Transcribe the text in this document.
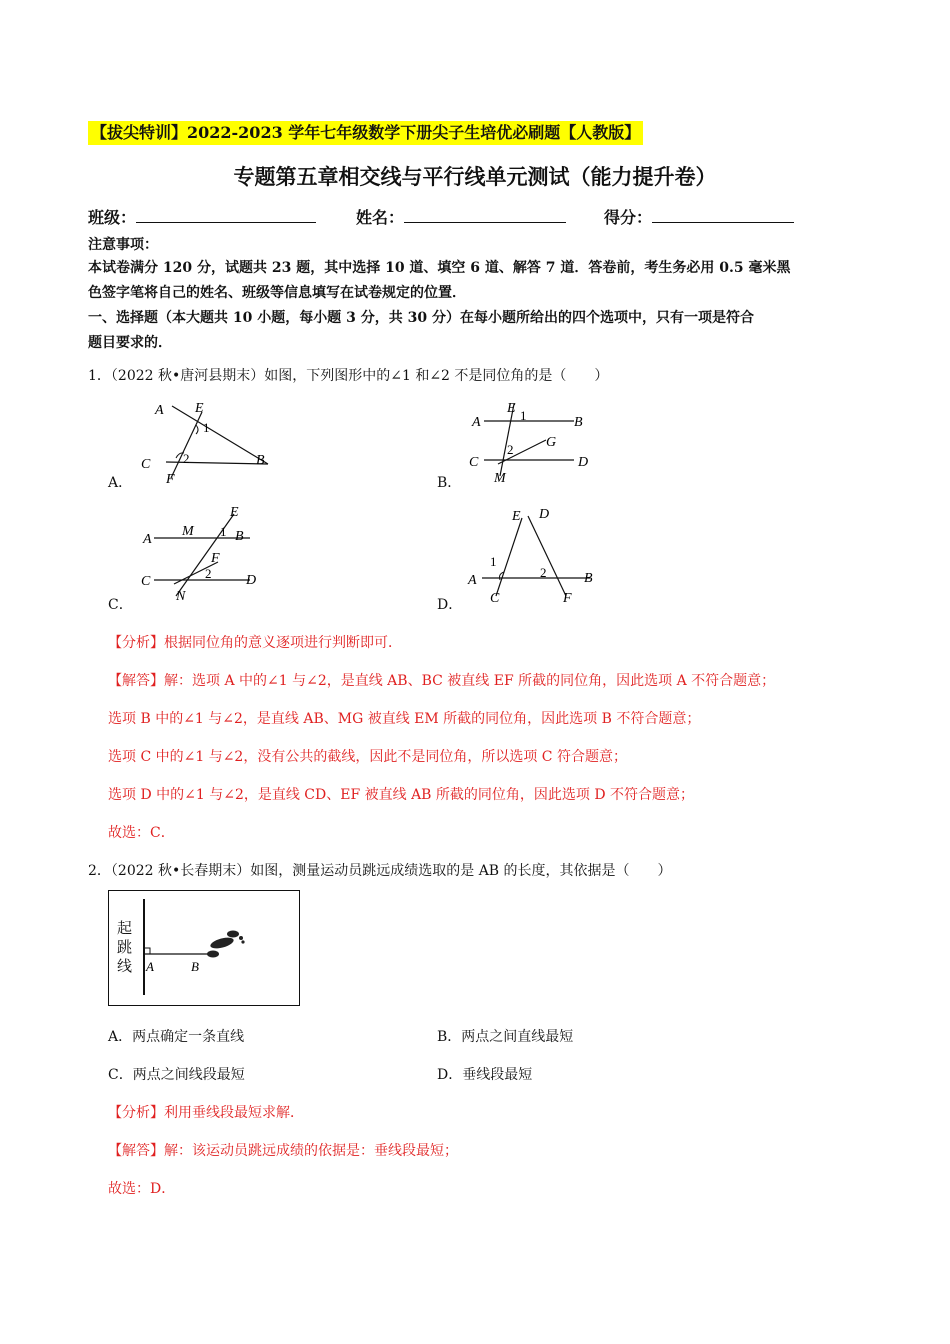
【拔尖特训】2022-2023 学年七年级数学下册尖子生培优必刷题【人教版】
专题第五章相交线与平行线单元测试（能力提升卷）
班级：	姓名：	得分：
注意事项：
本试卷满分 120 分，试题共 23 题，其中选择 10 道、填空 6 道、解答 7 道．答卷前，考生务必用 0.5 毫米黑
色签字笔将自己的姓名、班级等信息填写在试卷规定的位置．
一、选择题（本大题共 10 小题，每小题 3 分，共 30 分）在每小题所给出的四个选项中，只有一项是符合
题目要求的．
1．（2022 秋•唐河县期末）如图，下列图形中的∠1 和∠2 不是同位角的是（　　）
A E
1
2
C	B
F
A．
A
E 1	B
2 G
C	D
M
B．
A
M
E
1 B
F
2
C	D
N
C．
E D
1
2
A	B
C	F
D．
【分析】根据同位角的意义逐项进行判断即可．
【解答】解：选项 A 中的∠1 与∠2，是直线 AB、BC 被直线 EF 所截的同位角，因此选项 A 不符合题意；
选项 B 中的∠1 与∠2，是直线 AB、MG 被直线 EM 所截的同位角，因此选项 B 不符合题意；
选项 C 中的∠1 与∠2，没有公共的截线，因此不是同位角，所以选项 C 符合题意；
选项 D 中的∠1 与∠2，是直线 CD、EF 被直线 AB 所截的同位角，因此选项 D 不符合题意；
故选：C．
2．（2022 秋•长春期末）如图，测量运动员跳远成绩选取的是 AB 的长度，其依据是（　　）
起跳线 A	B
A．两点确定一条直线	B．两点之间直线最短
C．两点之间线段最短	D．垂线段最短
【分析】利用垂线段最短求解．
【解答】解：该运动员跳远成绩的依据是：垂线段最短；
故选：D．
